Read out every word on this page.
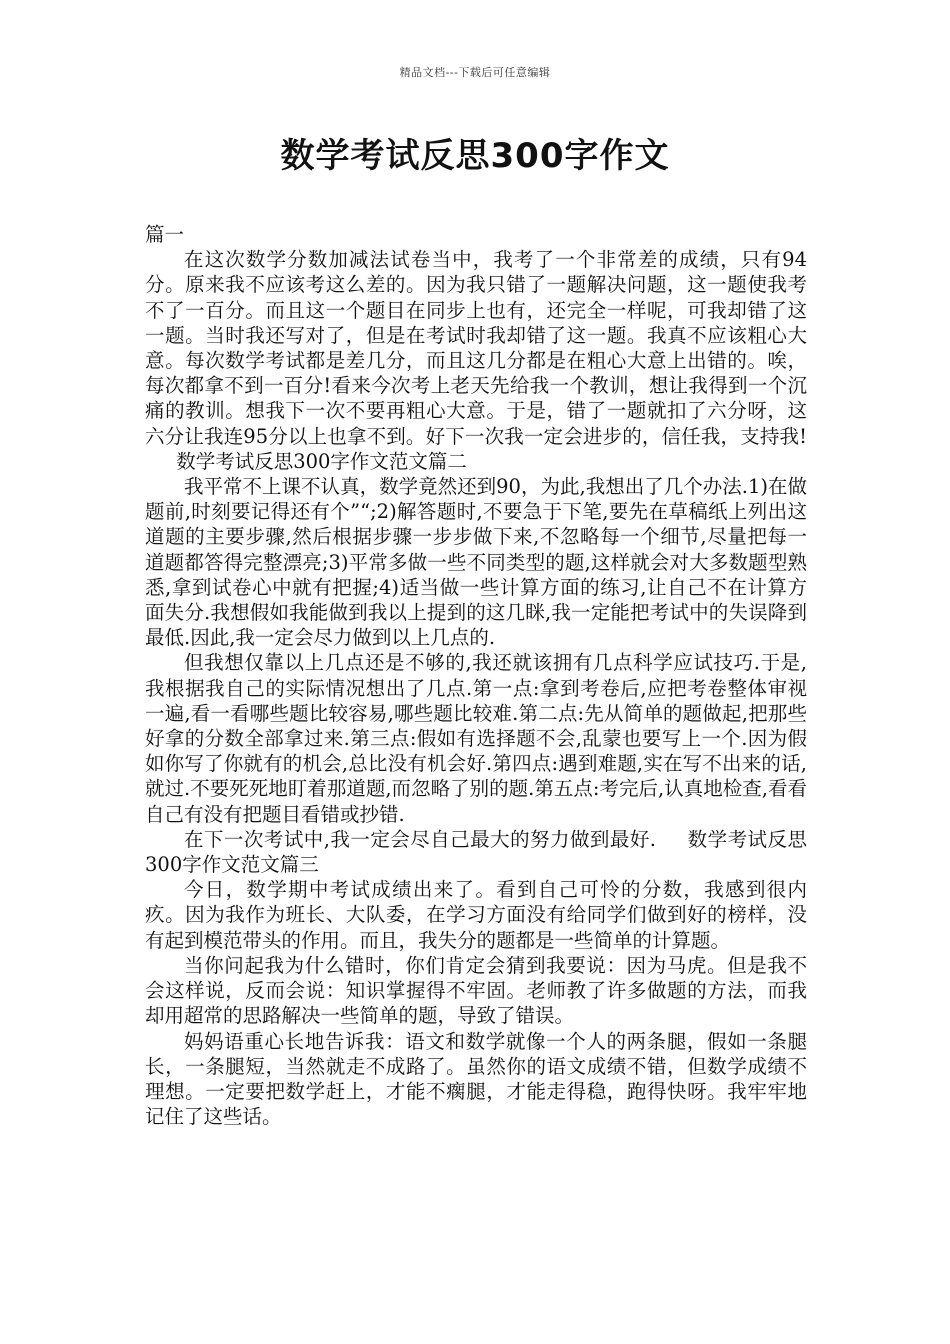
精品文档---下载后可任意编辑
数学考试反思300字作文

篇一

在这次数学分数加减法试卷当中，我考了一个非常差的成绩，只有94分。原来我不应该考这么差的。因为我只错了一题解决问题，这一题使我考不了一百分。而且这一个题目在同步上也有，还完全一样呢，可我却错了这一题。当时我还写对了，但是在考试时我却错了这一题。我真不应该粗心大意。每次数学考试都是差几分，而且这几分都是在粗心大意上出错的。唉，每次都拿不到一百分!看来今次考上老天先给我一个教训，想让我得到一个沉痛的教训。想我下一次不要再粗心大意。于是，错了一题就扣了六分呀，这六分让我连95分以上也拿不到。好下一次我一定会进步的，信任我，支持我!数学考试反思300字作文范文篇二

我平常不上课不认真，数学竟然还到90，为此,我想出了几个办法.1)在做题前,时刻要记得还有个”“;2)解答题时,不要急于下笔,要先在草稿纸上列出这道题的主要步骤,然后根据步骤一步步做下来,不忽略每一个细节,尽量把每一道题都答得完整漂亮;3)平常多做一些不同类型的题,这样就会对大多数题型熟悉,拿到试卷心中就有把握;4)适当做一些计算方面的练习,让自己不在计算方面失分.我想假如我能做到我以上提到的这几眯,我一定能把考试中的失误降到最低.因此,我一定会尽力做到以上几点的.

但我想仅靠以上几点还是不够的,我还就该拥有几点科学应试技巧.于是,我根据我自己的实际情况想出了几点.第一点:拿到考卷后,应把考卷整体审视一遍,看一看哪些题比较容易,哪些题比较难.第二点:先从简单的题做起,把那些好拿的分数全部拿过来.第三点:假如有选择题不会,乱蒙也要写上一个.因为假如你写了你就有的机会,总比没有机会好.第四点:遇到难题,实在写不出来的话,就过.不要死死地盯着那道题,而忽略了别的题.第五点:考完后,认真地检查,看看自己有没有把题目看错或抄错.

在下一次考试中,我一定会尽自己最大的努力做到最好. 数学考试反思300字作文范文篇三

今日，数学期中考试成绩出来了。看到自己可怜的分数，我感到很内疚。因为我作为班长、大队委，在学习方面没有给同学们做到好的榜样，没有起到模范带头的作用。而且，我失分的题都是一些简单的计算题。

当你问起我为什么错时，你们肯定会猜到我要说：因为马虎。但是我不会这样说，反而会说：知识掌握得不牢固。老师教了许多做题的方法，而我却用超常的思路解决一些简单的题，导致了错误。

妈妈语重心长地告诉我：语文和数学就像一个人的两条腿，假如一条腿长，一条腿短，当然就走不成路了。虽然你的语文成绩不错，但数学成绩不理想。一定要把数学赶上，才能不瘸腿，才能走得稳，跑得快呀。我牢牢地记住了这些话。
